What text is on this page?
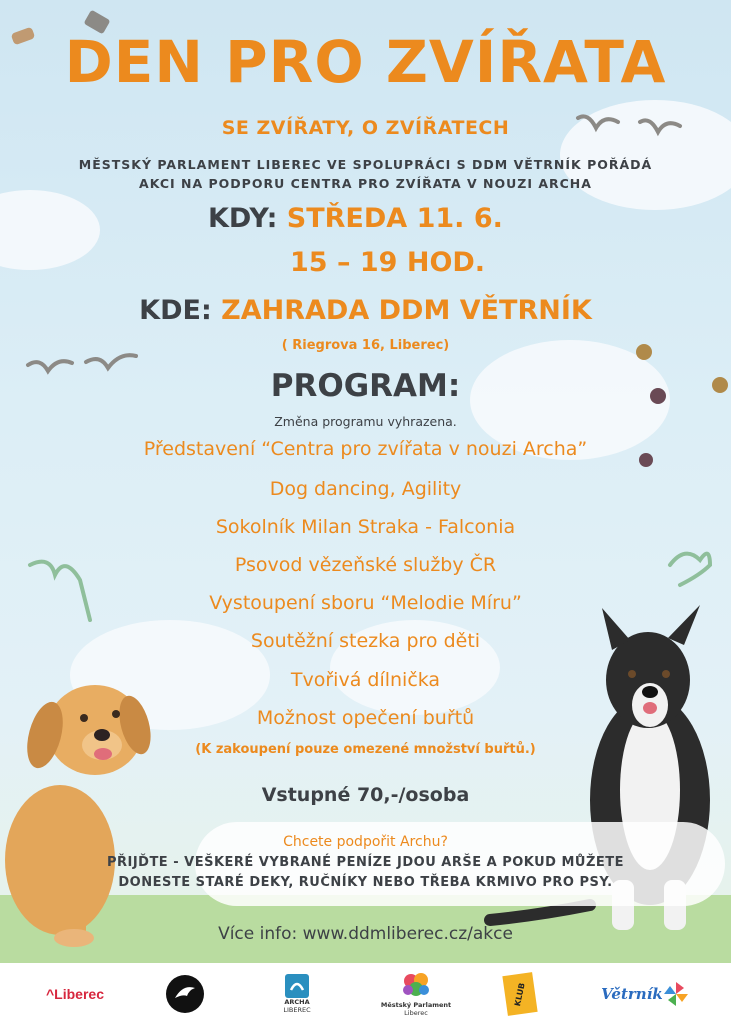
DEN PRO ZVÍŘATA
SE ZVÍŘATY, O ZVÍŘATECH
MĚSTSKÝ PARLAMENT LIBEREC VE SPOLUPRÁCI S DDM VĚTRNÍK POŘÁDÁ
AKCI NA PODPORU CENTRA PRO ZVÍŘATA V NOUZI ARCHA
KDY: STŘEDA 11. 6.
15 – 19 HOD.
KDE: ZAHRADA DDM VĚTRNÍK
( Riegrova 16, Liberec)
PROGRAM:
Změna programu vyhrazena.
Představení “Centra pro zvířata v nouzi Archa”
Dog dancing, Agility
Sokolník Milan Straka - Falconia
Psovod vězeňské služby ČR
Vystoupení sboru “Melodie Míru”
Soutěžní stezka pro děti
Tvořivá dílnička
Možnost opečení buřtů
(K zakoupení pouze omezené množství buřtů.)
Vstupné 70,-/osoba
Chcete podpořit Archu?
PŘIJĎTE - VEŠKERÉ VYBRANÉ PENÍZE JDOU ARŠE A POKUD MŮŽETE
DONESTE STARÉ DEKY, RUČNÍKY NEBO TŘEBA KRMIVO PRO PSY.
Více info: www.ddmliberec.cz/akce
^Liberec	ARCHA
LIBEREC
Městský Parlament
Liberec
KLUB	Větrník
